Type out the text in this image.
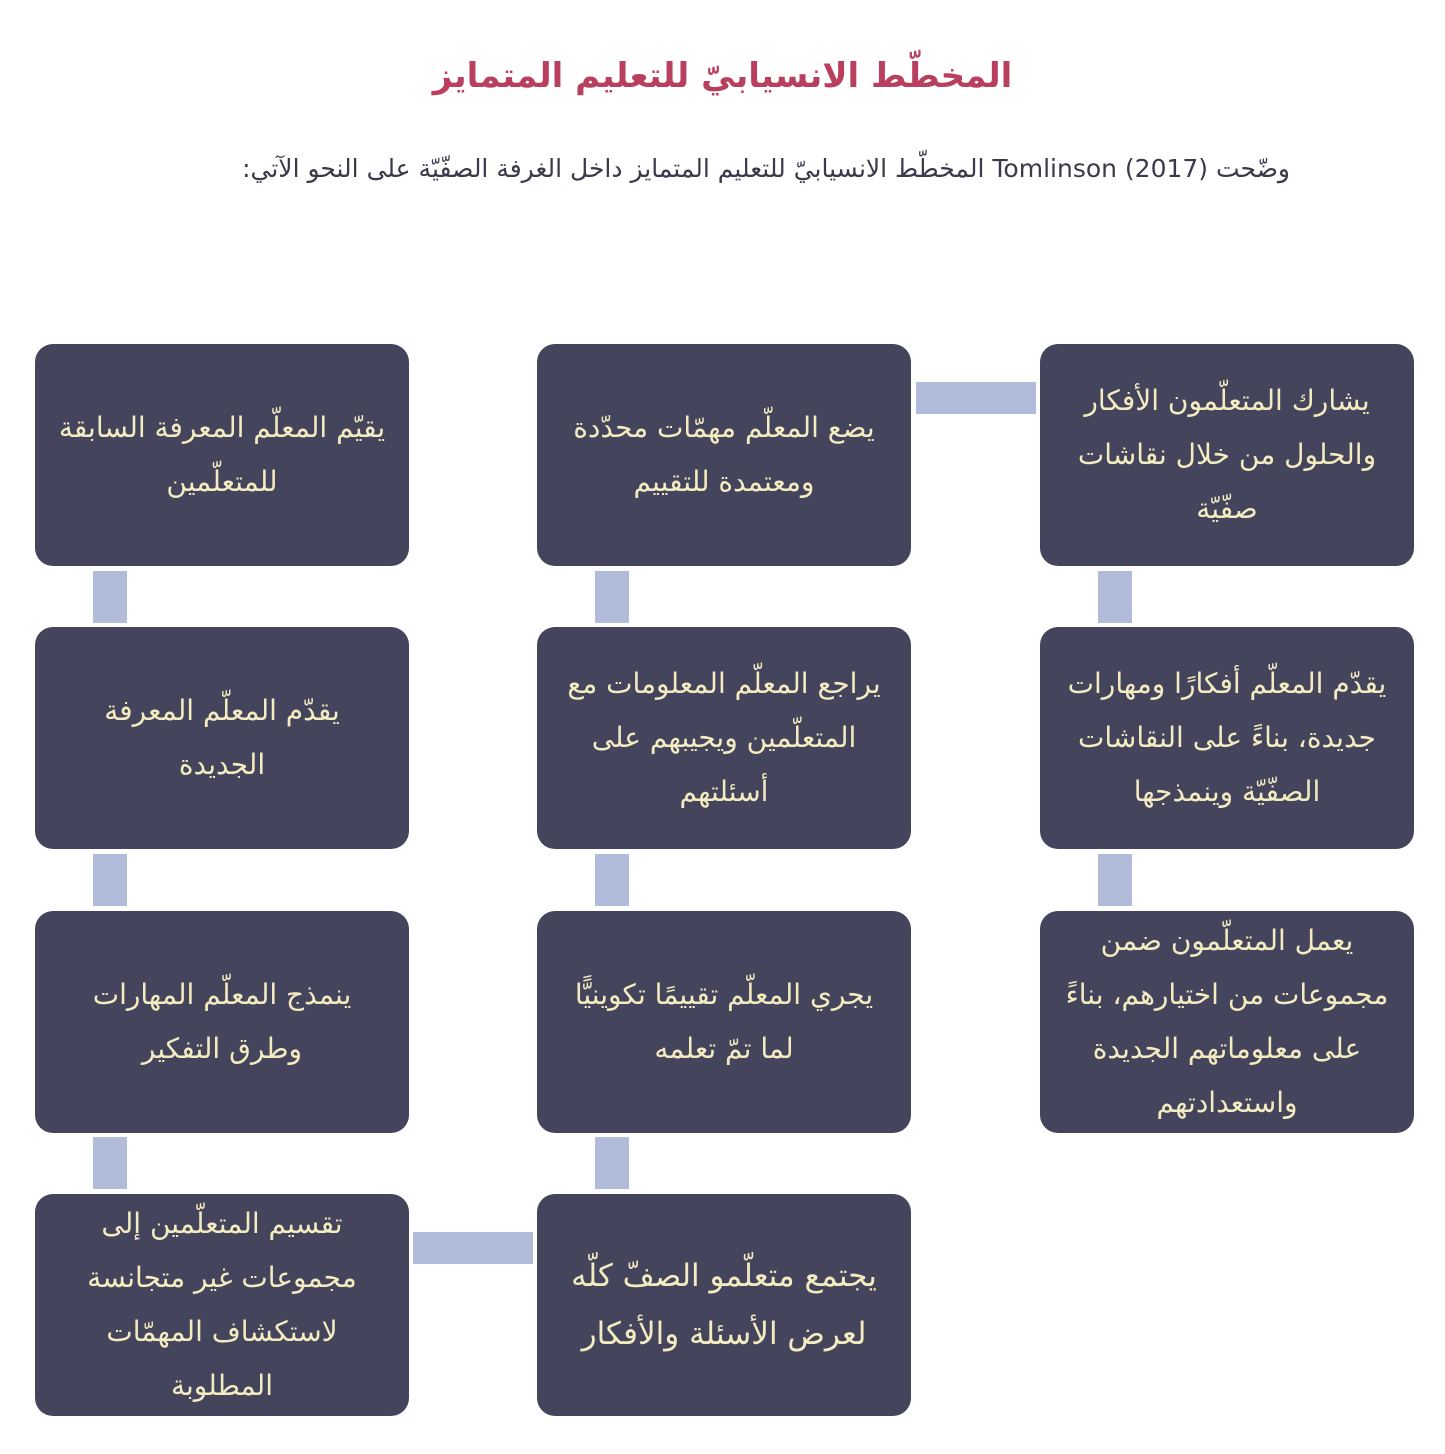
المخطّط الانسيابيّ للتعليم المتمايز

وضّحت Tomlinson (2017) المخطّط الانسيابيّ للتعليم المتمايز داخل الغرفة الصفّيّة على النحو الآتي:

يشارك المتعلّمون الأفكار والحلول من خلال نقاشات صفّيّة
يقدّم المعلّم أفكارًا ومهارات جديدة، بناءً على النقاشات الصفّيّة وينمذجها
يعمل المتعلّمون ضمن مجموعات من اختيارهم، بناءً على معلوماتهم الجديدة واستعدادتهم
يضع المعلّم مهمّات محدّدة ومعتمدة للتقييم
يراجع المعلّم المعلومات مع المتعلّمين ويجيبهم على أسئلتهم
يجري المعلّم تقييمًا تكوينيًّا لما تمّ تعلمه
يجتمع متعلّمو الصفّ كلّه لعرض الأسئلة والأفكار
يقيّم المعلّم المعرفة السابقة للمتعلّمين
يقدّم المعلّم المعرفة الجديدة
ينمذج المعلّم المهارات وطرق التفكير
تقسيم المتعلّمين إلى مجموعات غير متجانسة لاستكشاف المهمّات المطلوبة
